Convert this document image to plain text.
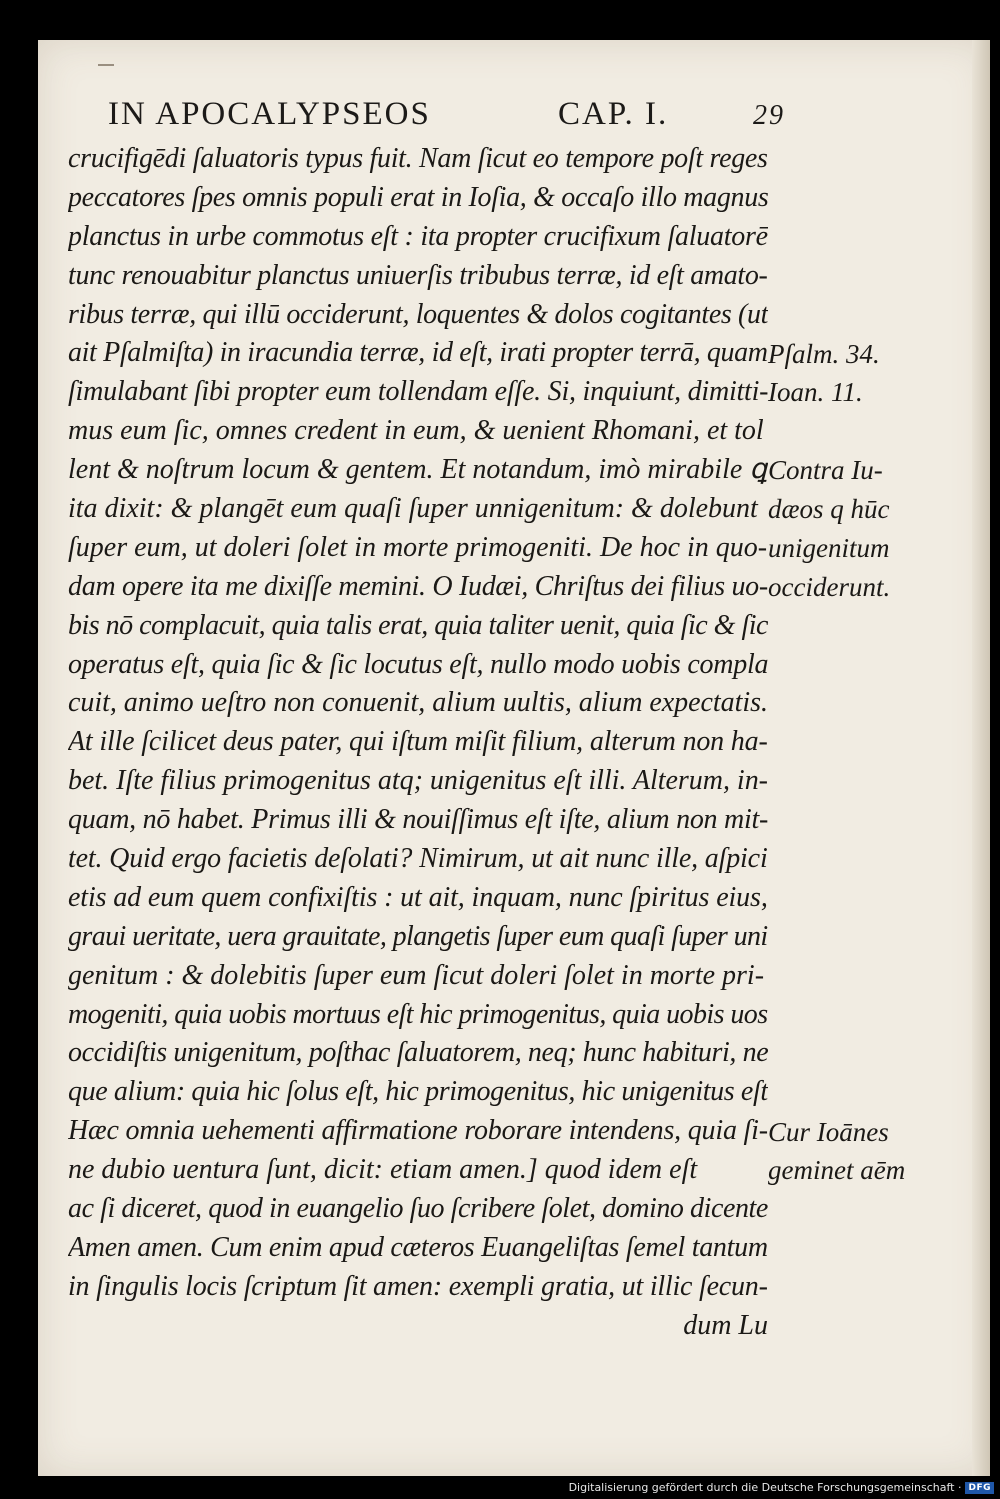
IN APOCALYPSEOS	CAP. I.	29
crucifigēdi ſaluatoris typus fuit. Nam ſicut eo tempore poſt reges
peccatores ſpes omnis populi erat in Ioſia, & occaſo illo magnus
planctus in urbe commotus eſt : ita propter crucifixum ſaluatorē
tunc renouabitur planctus uniuerſis tribubus terræ, id eſt amato-
ribus terræ, qui illū occiderunt, loquentes & dolos cogitantes (ut
ait Pſalmiſta) in iracundia terræ, id eſt, irati propter terrā, quam
ſimulabant ſibi propter eum tollendam eſſe. Si, inquiunt, dimitti-
mus eum ſic, omnes credent in eum, & uenient Rhomani, et tol
lent & noſtrum locum & gentem. Et notandum, imò mirabile ꝗ
ita dixit: & plangēt eum quaſi ſuper unnigenitum: & dolebunt
ſuper eum, ut doleri ſolet in morte primogeniti. De hoc in quo-
dam opere ita me dixiſſe memini. O Iudæi, Chriſtus dei filius uo-
bis nō complacuit, quia talis erat, quia taliter uenit, quia ſic & ſic
operatus eſt, quia ſic & ſic locutus eſt, nullo modo uobis compla
cuit, animo ueſtro non conuenit, alium uultis, alium expectatis.
At ille ſcilicet deus pater, qui iſtum miſit filium, alterum non ha-
bet. Iſte filius primogenitus atq; unigenitus eſt illi. Alterum, in-
quam, nō habet. Primus illi & nouiſſimus eſt iſte, alium non mit-
tet. Quid ergo facietis deſolati? Nimirum, ut ait nunc ille, aſpici
etis ad eum quem confixiſtis : ut ait, inquam, nunc ſpiritus eius,
graui ueritate, uera grauitate, plangetis ſuper eum quaſi ſuper uni
genitum : & dolebitis ſuper eum ſicut doleri ſolet in morte pri-
mogeniti, quia uobis mortuus eſt hic primogenitus, quia uobis uos
occidiſtis unigenitum, poſthac ſaluatorem, neq; hunc habituri, ne
que alium: quia hic ſolus eſt, hic primogenitus, hic unigenitus eſt
Hæc omnia uehementi affirmatione roborare intendens, quia ſi-
ne dubio uentura ſunt, dicit: etiam amen.] quod idem eſt
ac ſi diceret, quod in euangelio ſuo ſcribere ſolet, domino dicente
Amen amen. Cum enim apud cæteros Euangeliſtas ſemel tantum
in ſingulis locis ſcriptum ſit amen: exempli gratia, ut illic ſecun-
dum Lu
Pſalm. 34.
Ioan. 11.
Contra Iu-
dæos q hūc
unigenitum
occiderunt.
Cur Ioānes
geminet aēm
Digitalisierung gefördert durch die Deutsche Forschungsgemeinschaft · DFG
